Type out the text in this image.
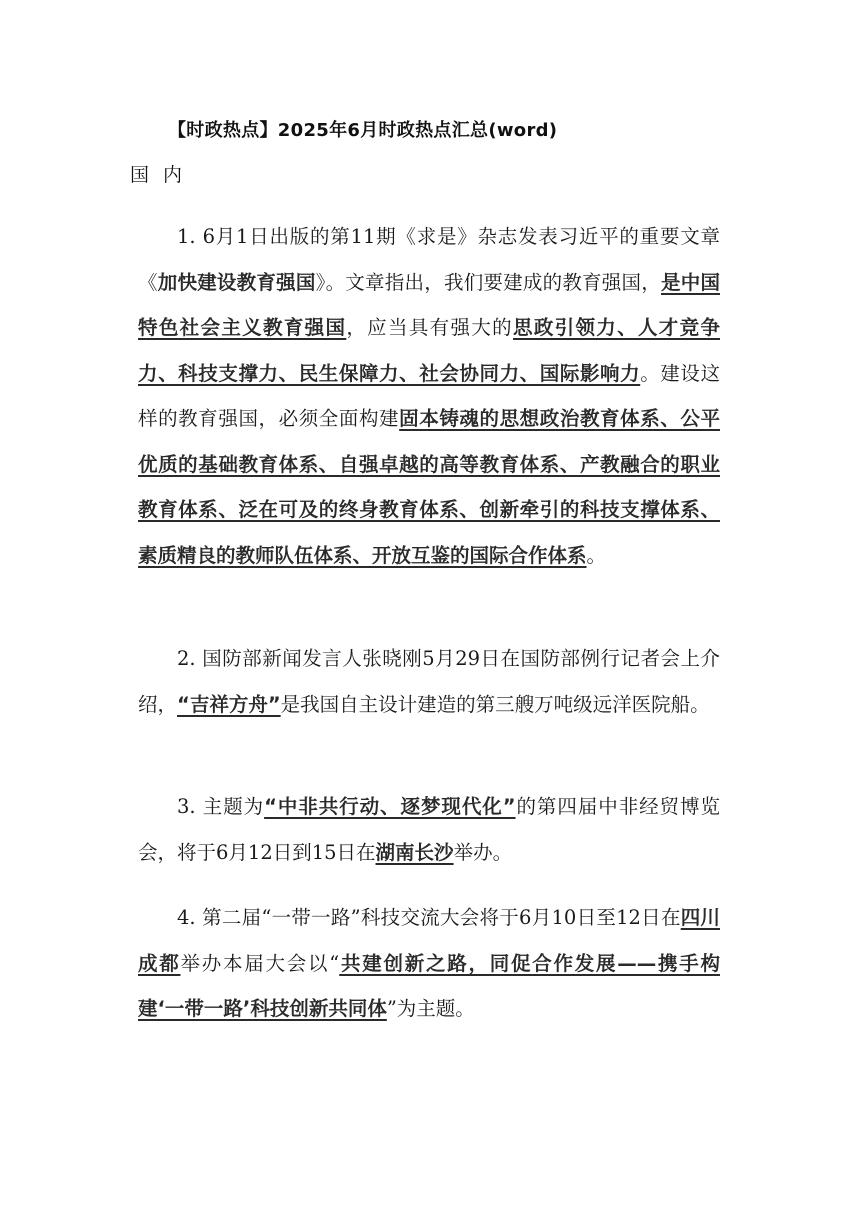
【时政热点】2025年6月时政热点汇总(word)
国 内

1. 6月1日出版的第11期《求是》杂志发表习近平的重要文章《加快建设教育强国》。文章指出，我们要建成的教育强国，是中国特色社会主义教育强国，应当具有强大的思政引领力、人才竞争力、科技支撑力、民生保障力、社会协同力、国际影响力。建设这样的教育强国，必须全面构建固本铸魂的思想政治教育体系、公平优质的基础教育体系、自强卓越的高等教育体系、产教融合的职业教育体系、泛在可及的终身教育体系、创新牵引的科技支撑体系、素质精良的教师队伍体系、开放互鉴的国际合作体系。

2. 国防部新闻发言人张晓刚5月29日在国防部例行记者会上介绍，“吉祥方舟”是我国自主设计建造的第三艘万吨级远洋医院船。

3. 主题为“中非共行动、逐梦现代化”的第四届中非经贸博览会，将于6月12日到15日在湖南长沙举办。

4. 第二届“一带一路”科技交流大会将于6月10日至12日在四川成都举办本届大会以“共建创新之路，同促合作发展——携手构建‘一带一路’科技创新共同体”为主题。
